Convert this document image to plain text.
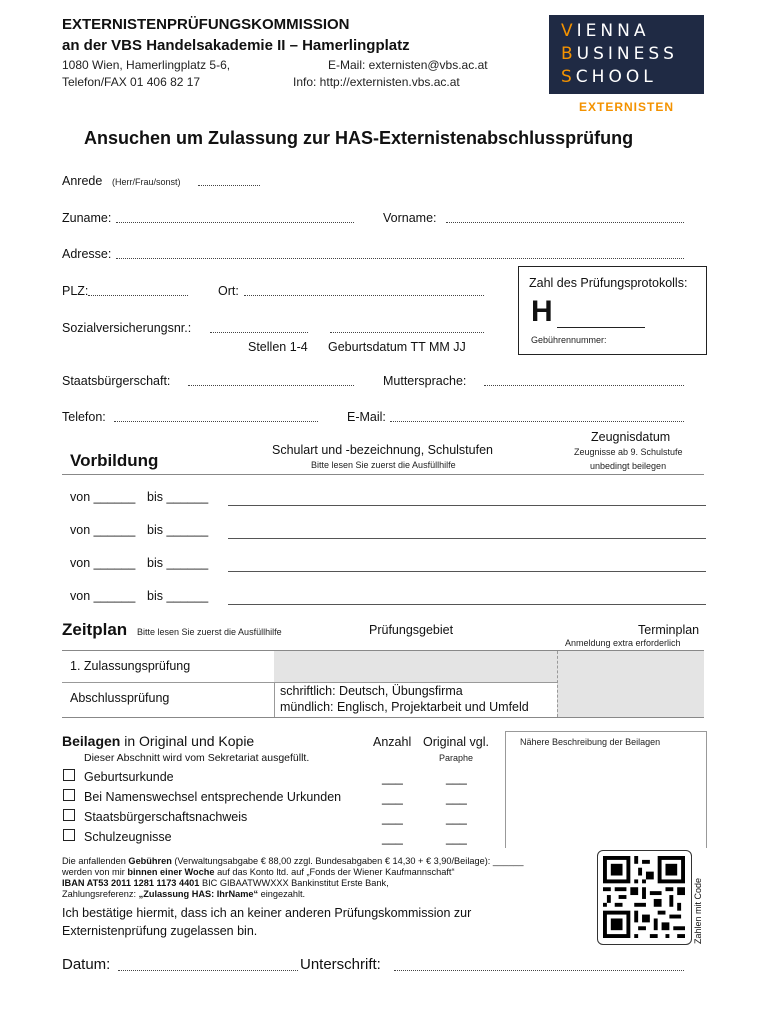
EXTERNISTENPRÜFUNGSKOMMISSION
an der VBS Handelsakademie II – Hamerlingplatz
1080 Wien, Hamerlingplatz 5-6,	E-Mail: externisten@vbs.ac.at
Telefon/FAX 01 406 82 17	Info: http://externisten.vbs.ac.at
VIENNA
BUSINESS
SCHOOL
EXTERNISTEN
Ansuchen um Zulassung zur HAS-Externistenabschlussprüfung
Anrede (Herr/Frau/sonst)
Zuname:	Vorname:
Adresse:
PLZ:	Ort:
Sozialversicherungsnr.:
Stellen 1-4 Geburtsdatum TT MM JJ
Zahl des Prüfungsprotokolls:
H
Gebührennummer:
Staatsbürgerschaft:	Muttersprache:
Telefon:	E-Mail:
Vorbildung
Schulart und -bezeichnung, Schulstufen
Bitte lesen Sie zuerst die Ausfüllhilfe
Zeugnisdatum
Zeugnisse ab 9. Schulstufe
unbedingt beilegen
von ______ bis ______
von ______ bis ______
von ______ bis ______
von ______ bis ______
Zeitplan Bitte lesen Sie zuerst die Ausfüllhilfe	Prüfungsgebiet	Terminplan
Anmeldung extra erforderlich
1. Zulassungsprüfung
Abschlussprüfung	schriftlich: Deutsch, Übungsfirma
mündlich: Englisch, Projektarbeit und Umfeld
Beilagen in Original und Kopie
Dieser Abschnitt wird vom Sekretariat ausgefüllt.
Anzahl Original vgl.
Paraphe
Nähere Beschreibung der Beilagen
Geburtsurkunde	___	___
Bei Namenswechsel entsprechende Urkunden	___	___
Staatsbürgerschaftsnachweis	___	___
Schulzeugnisse	___	___
Die anfallenden Gebühren (Verwaltungsabgabe € 88,00 zzgl. Bundesabgaben € 14,30 + € 3,90/Beilage): ______
werden von mir binnen einer Woche auf das Konto ltd. auf „Fonds der Wiener Kaufmannschaft“
IBAN AT53 2011 1281 1173 4401 BIC GIBAATWWXXX Bankinstitut Erste Bank,
Zahlungsreferenz: „Zulassung HAS: IhrName“ eingezahlt.	Zahlen mit Code
Ich bestätige hiermit, dass ich an keiner anderen Prüfungskommission zur
Externistenprüfung zugelassen bin.
Datum:	Unterschrift:
